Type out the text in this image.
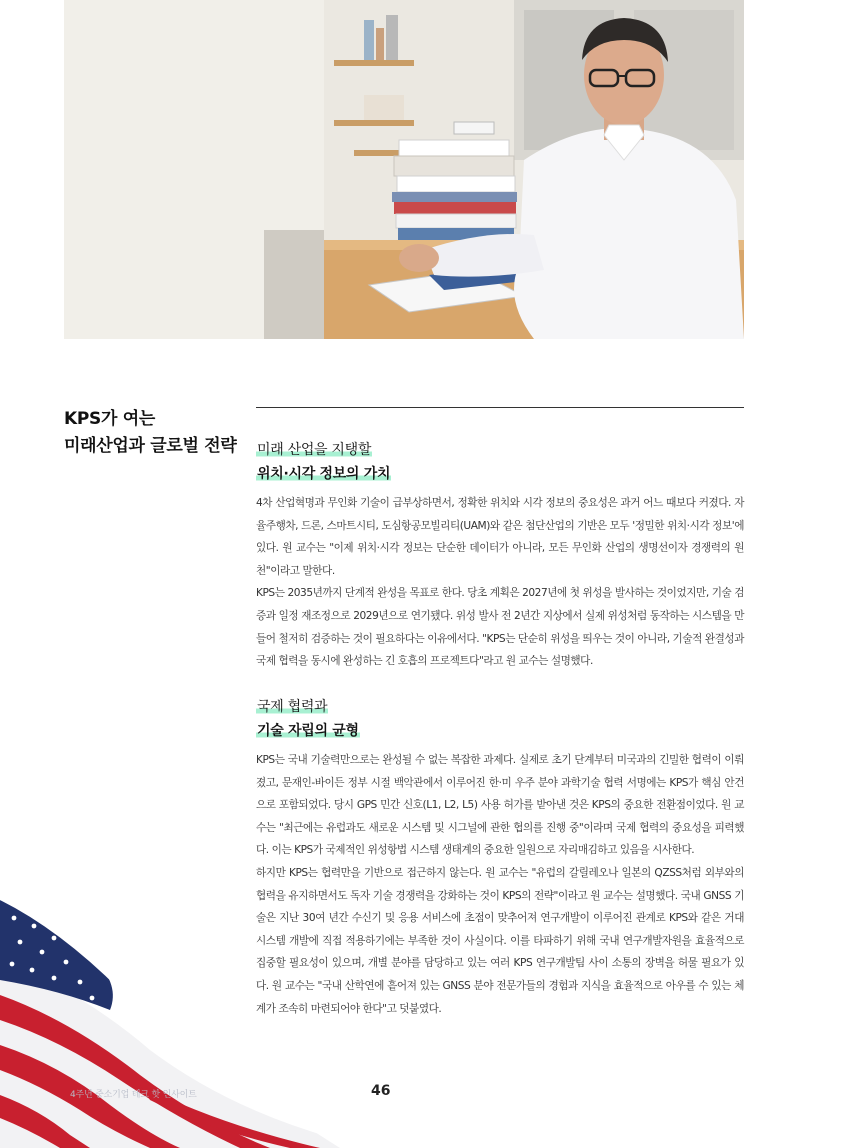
KPS가 여는
미래산업과 글로벌 전략	미래 산업을 지탱할
위치·시각 정보의 가치

4차 산업혁명과 무인화 기술이 급부상하면서, 정확한 위치와 시각 정보의 중요성은 과거 어느 때보다 커졌다. 자율주행차, 드론, 스마트시티, 도심항공모빌리티(UAM)와 같은 첨단산업의 기반은 모두 '정밀한 위치·시각 정보'에 있다. 원 교수는 "이제 위치·시각 정보는 단순한 데이터가 아니라, 모든 무인화 산업의 생명선이자 경쟁력의 원천"이라고 말한다.

KPS는 2035년까지 단계적 완성을 목표로 한다. 당초 계획은 2027년에 첫 위성을 발사하는 것이었지만, 기술 검증과 일정 재조정으로 2029년으로 연기됐다. 위성 발사 전 2년간 지상에서 실제 위성처럼 동작하는 시스템을 만들어 철저히 검증하는 것이 필요하다는 이유에서다. "KPS는 단순히 위성을 띄우는 것이 아니라, 기술적 완결성과 국제 협력을 동시에 완성하는 긴 호흡의 프로젝트다"라고 원 교수는 설명했다.

국제 협력과
기술 자립의 균형

KPS는 국내 기술력만으로는 완성될 수 없는 복잡한 과제다. 실제로 초기 단계부터 미국과의 긴밀한 협력이 이뤄졌고, 문재인-바이든 정부 시절 백악관에서 이루어진 한·미 우주 분야 과학기술 협력 서명에는 KPS가 핵심 안건으로 포함되었다. 당시 GPS 민간 신호(L1, L2, L5) 사용 허가를 받아낸 것은 KPS의 중요한 전환점이었다. 원 교수는 "최근에는 유럽과도 새로운 시스템 및 시그널에 관한 협의를 진행 중"이라며 국제 협력의 중요성을 피력했다. 이는 KPS가 국제적인 위성항법 시스템 생태계의 중요한 일원으로 자리매김하고 있음을 시사한다.

하지만 KPS는 협력만을 기반으로 접근하지 않는다. 원 교수는 "유럽의 갈릴레오나 일본의 QZSS처럼 외부와의 협력을 유지하면서도 독자 기술 경쟁력을 강화하는 것이 KPS의 전략"이라고 원 교수는 설명했다. 국내 GNSS 기술은 지난 30여 년간 수신기 및 응용 서비스에 초점이 맞추어져 연구개발이 이루어진 관계로 KPS와 같은 거대 시스템 개발에 직접 적용하기에는 부족한 것이 사실이다. 이를 타파하기 위해 국내 연구개발자원을 효율적으로 집중할 필요성이 있으며, 개별 분야를 담당하고 있는 여러 KPS 연구개발팀 사이 소통의 장벽을 허물 필요가 있다. 원 교수는 "국내 산학연에 흩어져 있는 GNSS 분야 전문가들의 경험과 지식을 효율적으로 아우를 수 있는 체계가 조속히 마련되어야 한다"고 덧붙였다.

4주년 중소기업 테크 핫 인사이트	46
